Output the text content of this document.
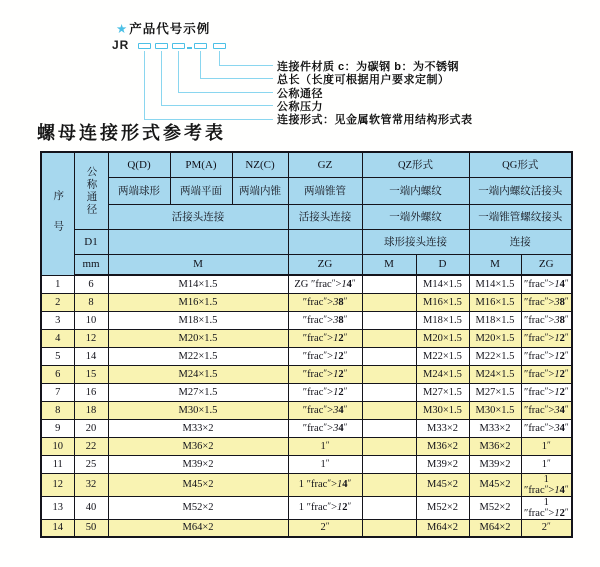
★产品代号示例
JR
连接件材质 c：为碳钢 b：为不锈钢
总长（长度可根据用户要求定制）
公称通径
公称压力
连接形式：见金属软管常用结构形式表
螺母连接形式参考表
序号	公称通径	Q(D)	PM(A)	NZ(C)	GZ	QZ形式		QG形式	
		两端球形	两端平面	两端内锥	两端锥管	一端内螺纹		一端内螺纹活接头	
		活接头连接			活接头连接	一端外螺纹		一端锥管螺纹接头	
	D1					球形接头连接		连接	
	mm	M			ZG	M	D	M	ZG
1	6	M14×1.5			ZG ″frac″>14″		M14×1.5	M14×1.5	″frac″>14″
2	8	M16×1.5			″frac″>38″		M16×1.5	M16×1.5	″frac″>38″
3	10	M18×1.5			″frac″>38″		M18×1.5	M18×1.5	″frac″>38″
4	12	M20×1.5			″frac″>12″		M20×1.5	M20×1.5	″frac″>12″
5	14	M22×1.5			″frac″>12″		M22×1.5	M22×1.5	″frac″>12″
6	15	M24×1.5			″frac″>12″		M24×1.5	M24×1.5	″frac″>12″
7	16	M27×1.5			″frac″>12″		M27×1.5	M27×1.5	″frac″>12″
8	18	M30×1.5			″frac″>34″		M30×1.5	M30×1.5	″frac″>34″
9	20	M33×2			″frac″>34″		M33×2	M33×2	″frac″>34″
10	22	M36×2			1″		M36×2	M36×2	1″
11	25	M39×2			1″		M39×2	M39×2	1″
12	32	M45×2			1 ″frac″>14″		M45×2	M45×2	1 ″frac″>14″
13	40	M52×2			1 ″frac″>12″		M52×2	M52×2	1 ″frac″>12″
14	50	M64×2			2″		M64×2	M64×2	2″
